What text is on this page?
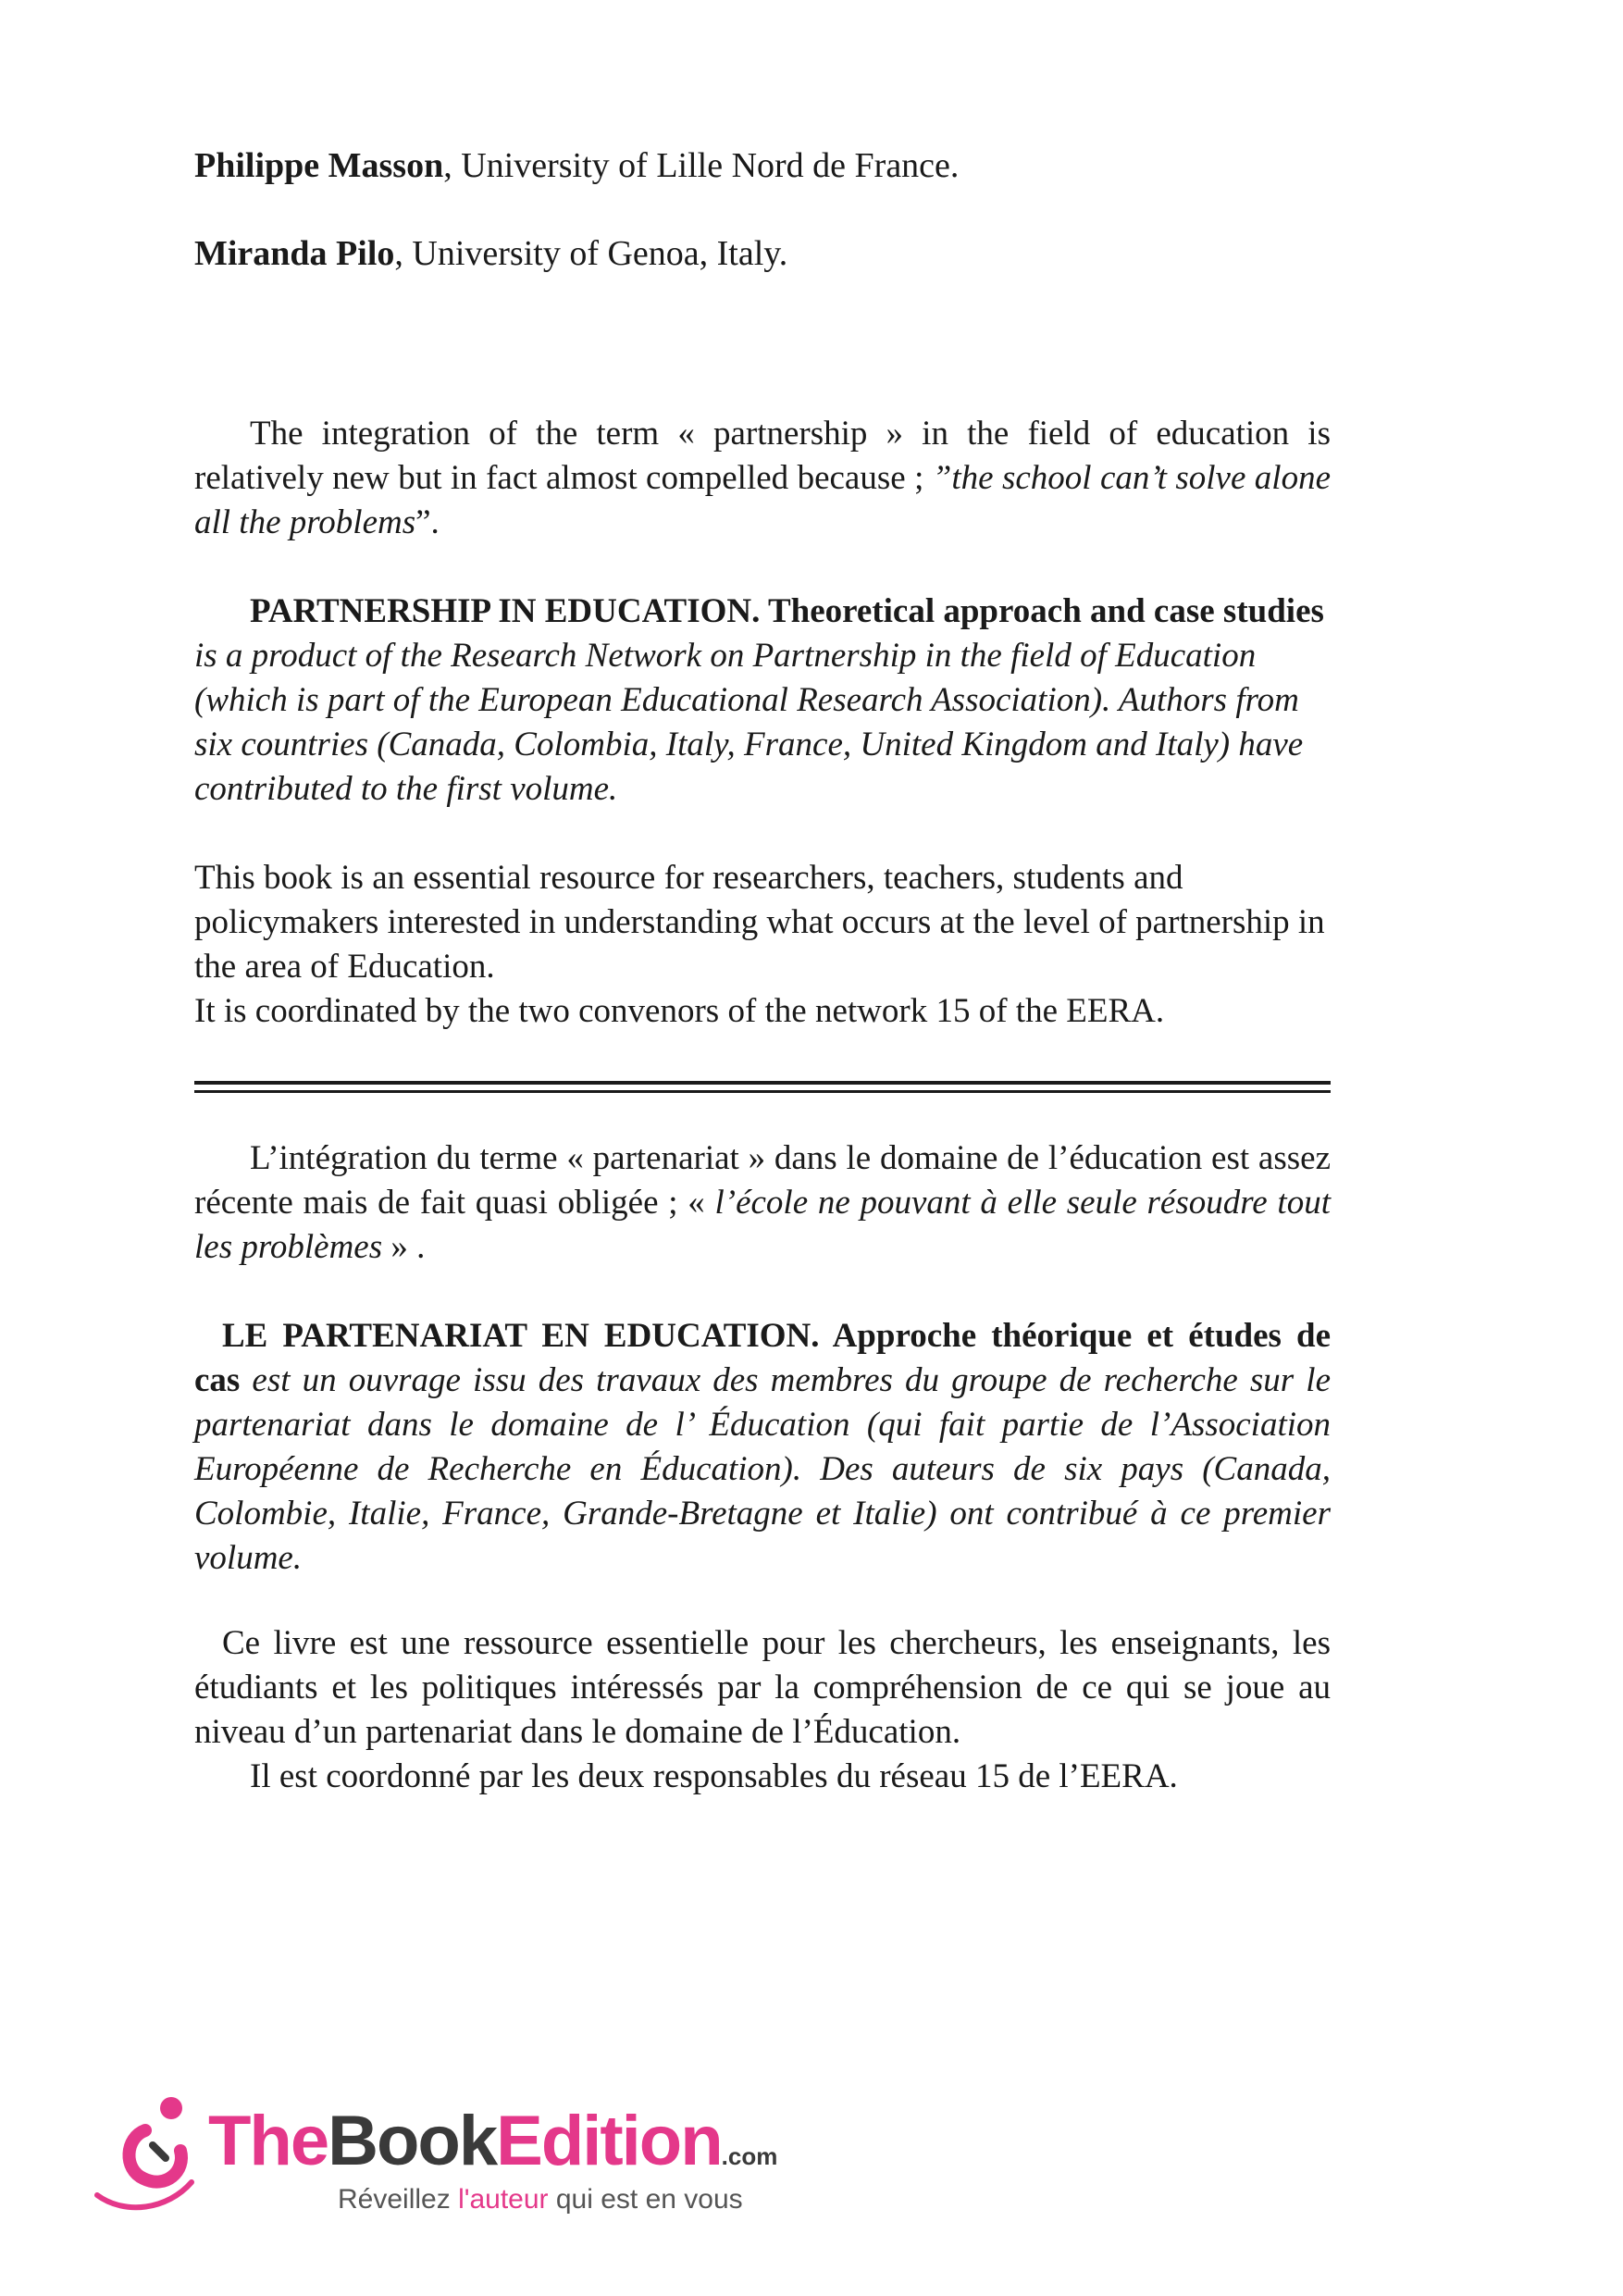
Philippe Masson, University of Lille Nord de France.

Miranda Pilo, University of Genoa, Italy.

The integration of the term « partnership » in the field of education is relatively new but in fact almost compelled because ; ”the school can’t solve alone all the problems”.

PARTNERSHIP IN EDUCATION. Theoretical approach and case studies is a product of the Research Network on Partnership in the field of Education (which is part of the European Educational Research Association). Authors from six countries (Canada, Colombia, Italy, France, United Kingdom and Italy) have contributed to the first volume.

This book is an essential resource for researchers, teachers, students and policymakers interested in understanding what occurs at the level of partnership in the area of Education.

It is coordinated by the two convenors of the network 15 of the EERA.

L’intégration du terme « partenariat » dans le domaine de l’éducation est assez récente mais de fait quasi obligée ; « l’école ne pouvant à elle seule résoudre tout les problèmes » .

LE PARTENARIAT EN EDUCATION. Approche théorique et études de cas est un ouvrage issu des travaux des membres du groupe de recherche sur le partenariat dans le domaine de l’ Éducation (qui fait partie de l’Association Européenne de Recherche en Éducation). Des auteurs de six pays (Canada, Colombie, Italie, France, Grande-Bretagne et Italie) ont contribué à ce premier volume.

Ce livre est une ressource essentielle pour les chercheurs, les enseignants, les étudiants et les politiques intéressés par la compréhension de ce qui se joue au niveau d’un partenariat dans le domaine de l’Éducation.

Il est coordonné par les deux responsables du réseau 15 de l’EERA.

TheBookEdition.com
Réveillez l'auteur qui est en vous
